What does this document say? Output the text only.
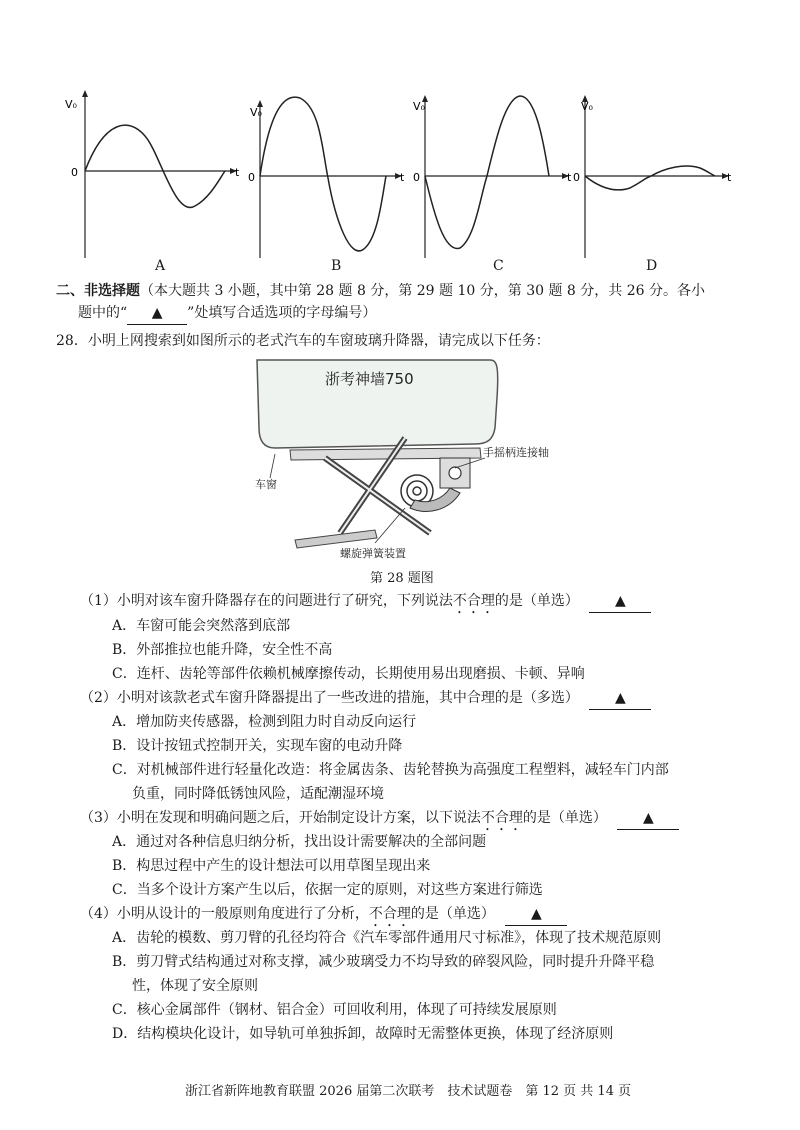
V₀
0	t
V₀
0	t
V₀
0	t
V₀
0	t
A	B	C	D
二、非选择题（本大题共 3 小题，其中第 28 题 8 分，第 29 题 10 分，第 30 题 8 分，共 26 分。各小
题中的“ ▲ ”处填写合适选项的字母编号）
28．小明上网搜索到如图所示的老式汽车的车窗玻璃升降器，请完成以下任务：
浙考神墙750
手摇柄连接轴
车窗
螺旋弹簧装置
第 28 题图
（1）小明对该车窗升降器存在的问题进行了研究，下列说法不合理的是（单选）	▲
A．车窗可能会突然落到底部
B．外部推拉也能升降，安全性不高
C．连杆、齿轮等部件依赖机械摩擦传动，长期使用易出现磨损、卡顿、异响
（2）小明对该款老式车窗升降器提出了一些改进的措施，其中合理的是（多选）	▲
A．增加防夹传感器，检测到阻力时自动反向运行
B．设计按钮式控制开关，实现车窗的电动升降
C．对机械部件进行轻量化改造：将金属齿条、齿轮替换为高强度工程塑料，减轻车门内部
负重，同时降低锈蚀风险，适配潮湿环境
（3）小明在发现和明确问题之后，开始制定设计方案，以下说法不合理的是（单选）	▲
A．通过对各种信息归纳分析，找出设计需要解决的全部问题
B．构思过程中产生的设计想法可以用草图呈现出来
C．当多个设计方案产生以后，依据一定的原则，对这些方案进行筛选
（4）小明从设计的一般原则角度进行了分析，不合理的是（单选）	▲
A．齿轮的模数、剪刀臂的孔径均符合《汽车零部件通用尺寸标准》，体现了技术规范原则
B．剪刀臂式结构通过对称支撑，减少玻璃受力不均导致的碎裂风险，同时提升升降平稳
性，体现了安全原则
C．核心金属部件（钢材、铝合金）可回收利用，体现了可持续发展原则
D．结构模块化设计，如导轨可单独拆卸，故障时无需整体更换，体现了经济原则
浙江省新阵地教育联盟 2026 届第二次联考　技术试题卷　第 12 页 共 14 页
